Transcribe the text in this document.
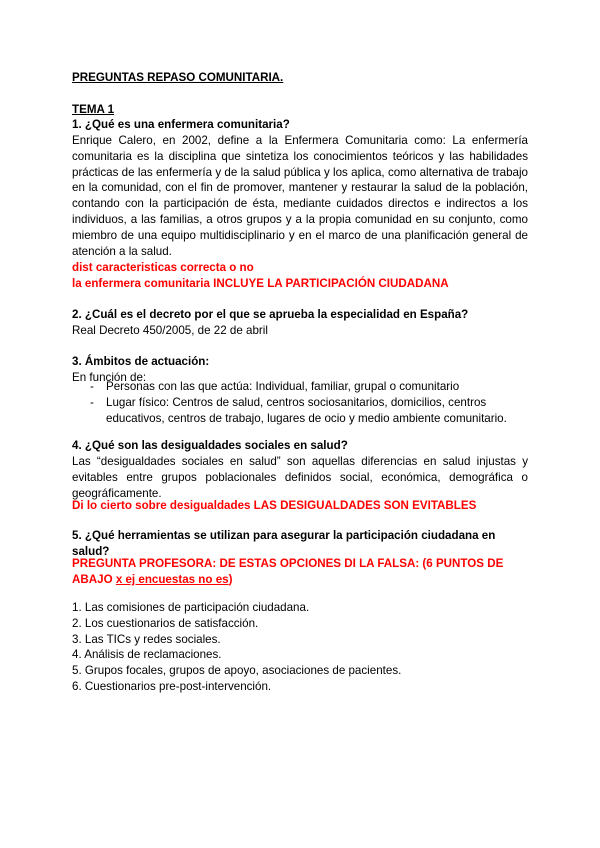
PREGUNTAS REPASO COMUNITARIA.
TEMA 1
1. ¿Qué es una enfermera comunitaria?
Enrique Calero, en 2002, define a la Enfermera Comunitaria como: La enfermería comunitaria es la disciplina que sintetiza los conocimientos teóricos y las habilidades prácticas de las enfermería y de la salud pública y los aplica, como alternativa de trabajo en la comunidad, con el fin de promover, mantener y restaurar la salud de la población, contando con la participación de ésta, mediante cuidados directos e indirectos a los individuos, a las familias, a otros grupos y a la propia comunidad en su conjunto, como miembro de una equipo multidisciplinario y en el marco de una planificación general de atención a la salud.
dist caracteristicas correcta o no
la enfermera comunitaria INCLUYE LA PARTICIPACIÓN CIUDADANA
2. ¿Cuál es el decreto por el que se aprueba la especialidad en España?
Real Decreto 450/2005, de 22 de abril
3. Ámbitos de actuación:
En función de:
- Personas con las que actúa: Individual, familiar, grupal o comunitario
- Lugar físico: Centros de salud, centros sociosanitarios, domicilios, centros educativos, centros de trabajo, lugares de ocio y medio ambiente comunitario.
4. ¿Qué son las desigualdades sociales en salud?
Las “desigualdades sociales en salud” son aquellas diferencias en salud injustas y evitables entre grupos poblacionales definidos social, económica, demográfica o geográficamente.
Di lo cierto sobre desigualdades LAS DESIGUALDADES SON EVITABLES
5. ¿Qué herramientas se utilizan para asegurar la participación ciudadana en salud?
PREGUNTA PROFESORA: DE ESTAS OPCIONES DI LA FALSA: (6 PUNTOS DE
ABAJO x ej encuestas no es)
1. Las comisiones de participación ciudadana.
2. Los cuestionarios de satisfacción.
3. Las TICs y redes sociales.
4. Análisis de reclamaciones.
5. Grupos focales, grupos de apoyo, asociaciones de pacientes.
6. Cuestionarios pre-post-intervención.
